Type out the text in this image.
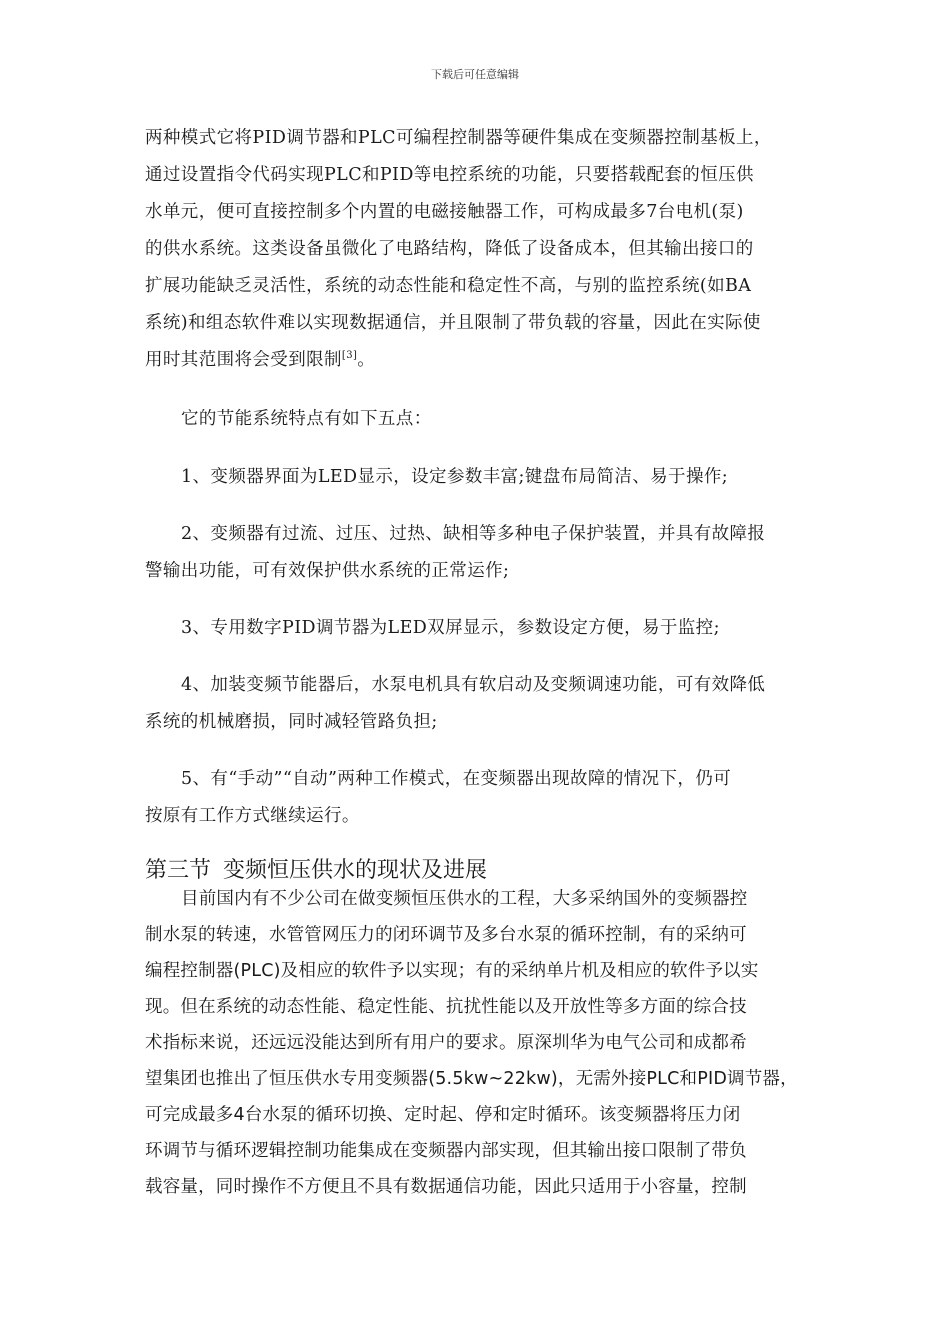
下载后可任意编辑
两种模式它将PID调节器和PLC可编程控制器等硬件集成在变频器控制基板上，
通过设置指令代码实现PLC和PID等电控系统的功能，只要搭载配套的恒压供
水单元，便可直接控制多个内置的电磁接触器工作，可构成最多7台电机(泵)
的供水系统。这类设备虽微化了电路结构，降低了设备成本，但其输出接口的
扩展功能缺乏灵活性，系统的动态性能和稳定性不高，与别的监控系统(如BA
系统)和组态软件难以实现数据通信，并且限制了带负载的容量，因此在实际使
用时其范围将会受到限制[3]。
它的节能系统特点有如下五点：
1、变频器界面为LED显示，设定参数丰富;键盘布局简洁、易于操作;
2、变频器有过流、过压、过热、缺相等多种电子保护装置，并具有故障报
警输出功能，可有效保护供水系统的正常运作;
3、专用数字PID调节器为LED双屏显示，参数设定方便，易于监控;
4、加装变频节能器后，水泵电机具有软启动及变频调速功能，可有效降低
系统的机械磨损，同时减轻管路负担;
5、有“手动”“自动”两种工作模式，在变频器出现故障的情况下，仍可
按原有工作方式继续运行。
第三节 变频恒压供水的现状及进展
目前国内有不少公司在做变频恒压供水的工程，大多采纳国外的变频器控
制水泵的转速，水管管网压力的闭环调节及多台水泵的循环控制，有的采纳可
编程控制器(PLC)及相应的软件予以实现；有的采纳单片机及相应的软件予以实
现。但在系统的动态性能、稳定性能、抗扰性能以及开放性等多方面的综合技
术指标来说，还远远没能达到所有用户的要求。原深圳华为电气公司和成都希
望集团也推出了恒压供水专用变频器(5.5kw~22kw)，无需外接PLC和PID调节器，
可完成最多4台水泵的循环切换、定时起、停和定时循环。该变频器将压力闭
环调节与循环逻辑控制功能集成在变频器内部实现，但其输出接口限制了带负
载容量，同时操作不方便且不具有数据通信功能，因此只适用于小容量，控制
